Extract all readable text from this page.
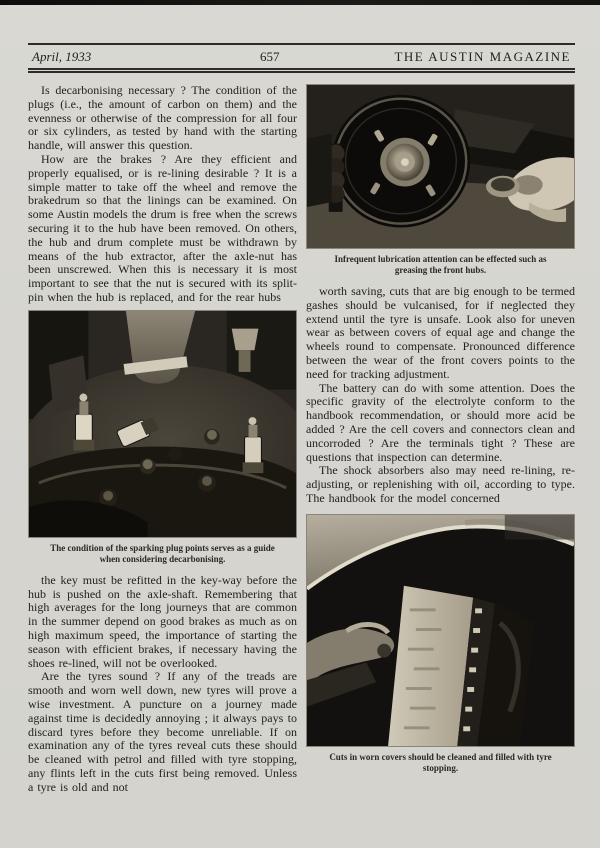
April, 1933	657	THE AUSTIN MAGAZINE

Is decarbonising necessary ? The condition of the plugs (i.e., the amount of carbon on them) and the evenness or otherwise of the compression for all four or six cylinders, as tested by hand with the starting handle, will answer this question.

How are the brakes ? Are they efficient and properly equalised, or is re-lining desirable ? It is a simple matter to take off the wheel and remove the brakedrum so that the linings can be examined. On some Austin models the drum is free when the screws securing it to the hub have been removed. On others, the hub and drum complete must be withdrawn by means of the hub extractor, after the axle-nut has been unscrewed. When this is necessary it is most important to see that the nut is secured with its split-pin when the hub is replaced, and for the rear hubs

The condition of the sparking plug points serves as a guide when considering decarbonising.

the key must be refitted in the key-way before the hub is pushed on the axle-shaft. Remembering that high averages for the long journeys that are common in the summer depend on good brakes as much as on high maximum speed, the importance of starting the season with efficient brakes, if necessary having the shoes re-lined, will not be overlooked.

Are the tyres sound ? If any of the treads are smooth and worn well down, new tyres will prove a wise investment. A puncture on a journey made against time is decidedly annoying ; it always pays to discard tyres before they become unreliable. If on examination any of the tyres reveal cuts these should be cleaned with petrol and filled with tyre stopping, any flints left in the cuts first being removed. Unless a tyre is old and not

Infrequent lubrication attention can be effected such as greasing the front hubs.

worth saving, cuts that are big enough to be termed gashes should be vulcanised, for if neglected they extend until the tyre is unsafe. Look also for uneven wear as between covers of equal age and change the wheels round to compensate. Pronounced difference between the wear of the front covers points to the need for tracking adjustment.

The battery can do with some attention. Does the specific gravity of the electrolyte conform to the handbook recommendation, or should more acid be added ? Are the cell covers and connectors clean and uncorroded ? Are the terminals tight ? These are questions that inspection can determine.

The shock absorbers also may need re-lining, re-adjusting, or replenishing with oil, according to type. The handbook for the model concerned

Cuts in worn covers should be cleaned and filled with tyre stopping.
